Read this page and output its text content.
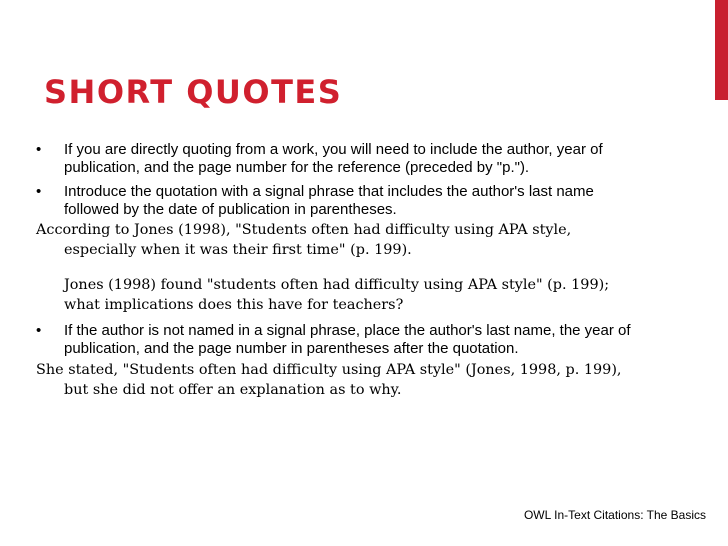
SHORT QUOTES
• If you are directly quoting from a work, you will need to include the author, year of publication, and the page number for the reference (preceded by "p.").
• Introduce the quotation with a signal phrase that includes the author's last name followed by the date of publication in parentheses.
According to Jones (1998), "Students often had difficulty using APA style, especially when it was their first time" (p. 199).
Jones (1998) found "students often had difficulty using APA style" (p. 199); what implications does this have for teachers?
• If the author is not named in a signal phrase, place the author's last name, the year of publication, and the page number in parentheses after the quotation.
She stated, "Students often had difficulty using APA style" (Jones, 1998, p. 199), but she did not offer an explanation as to why.
OWL In-Text Citations: The Basics
